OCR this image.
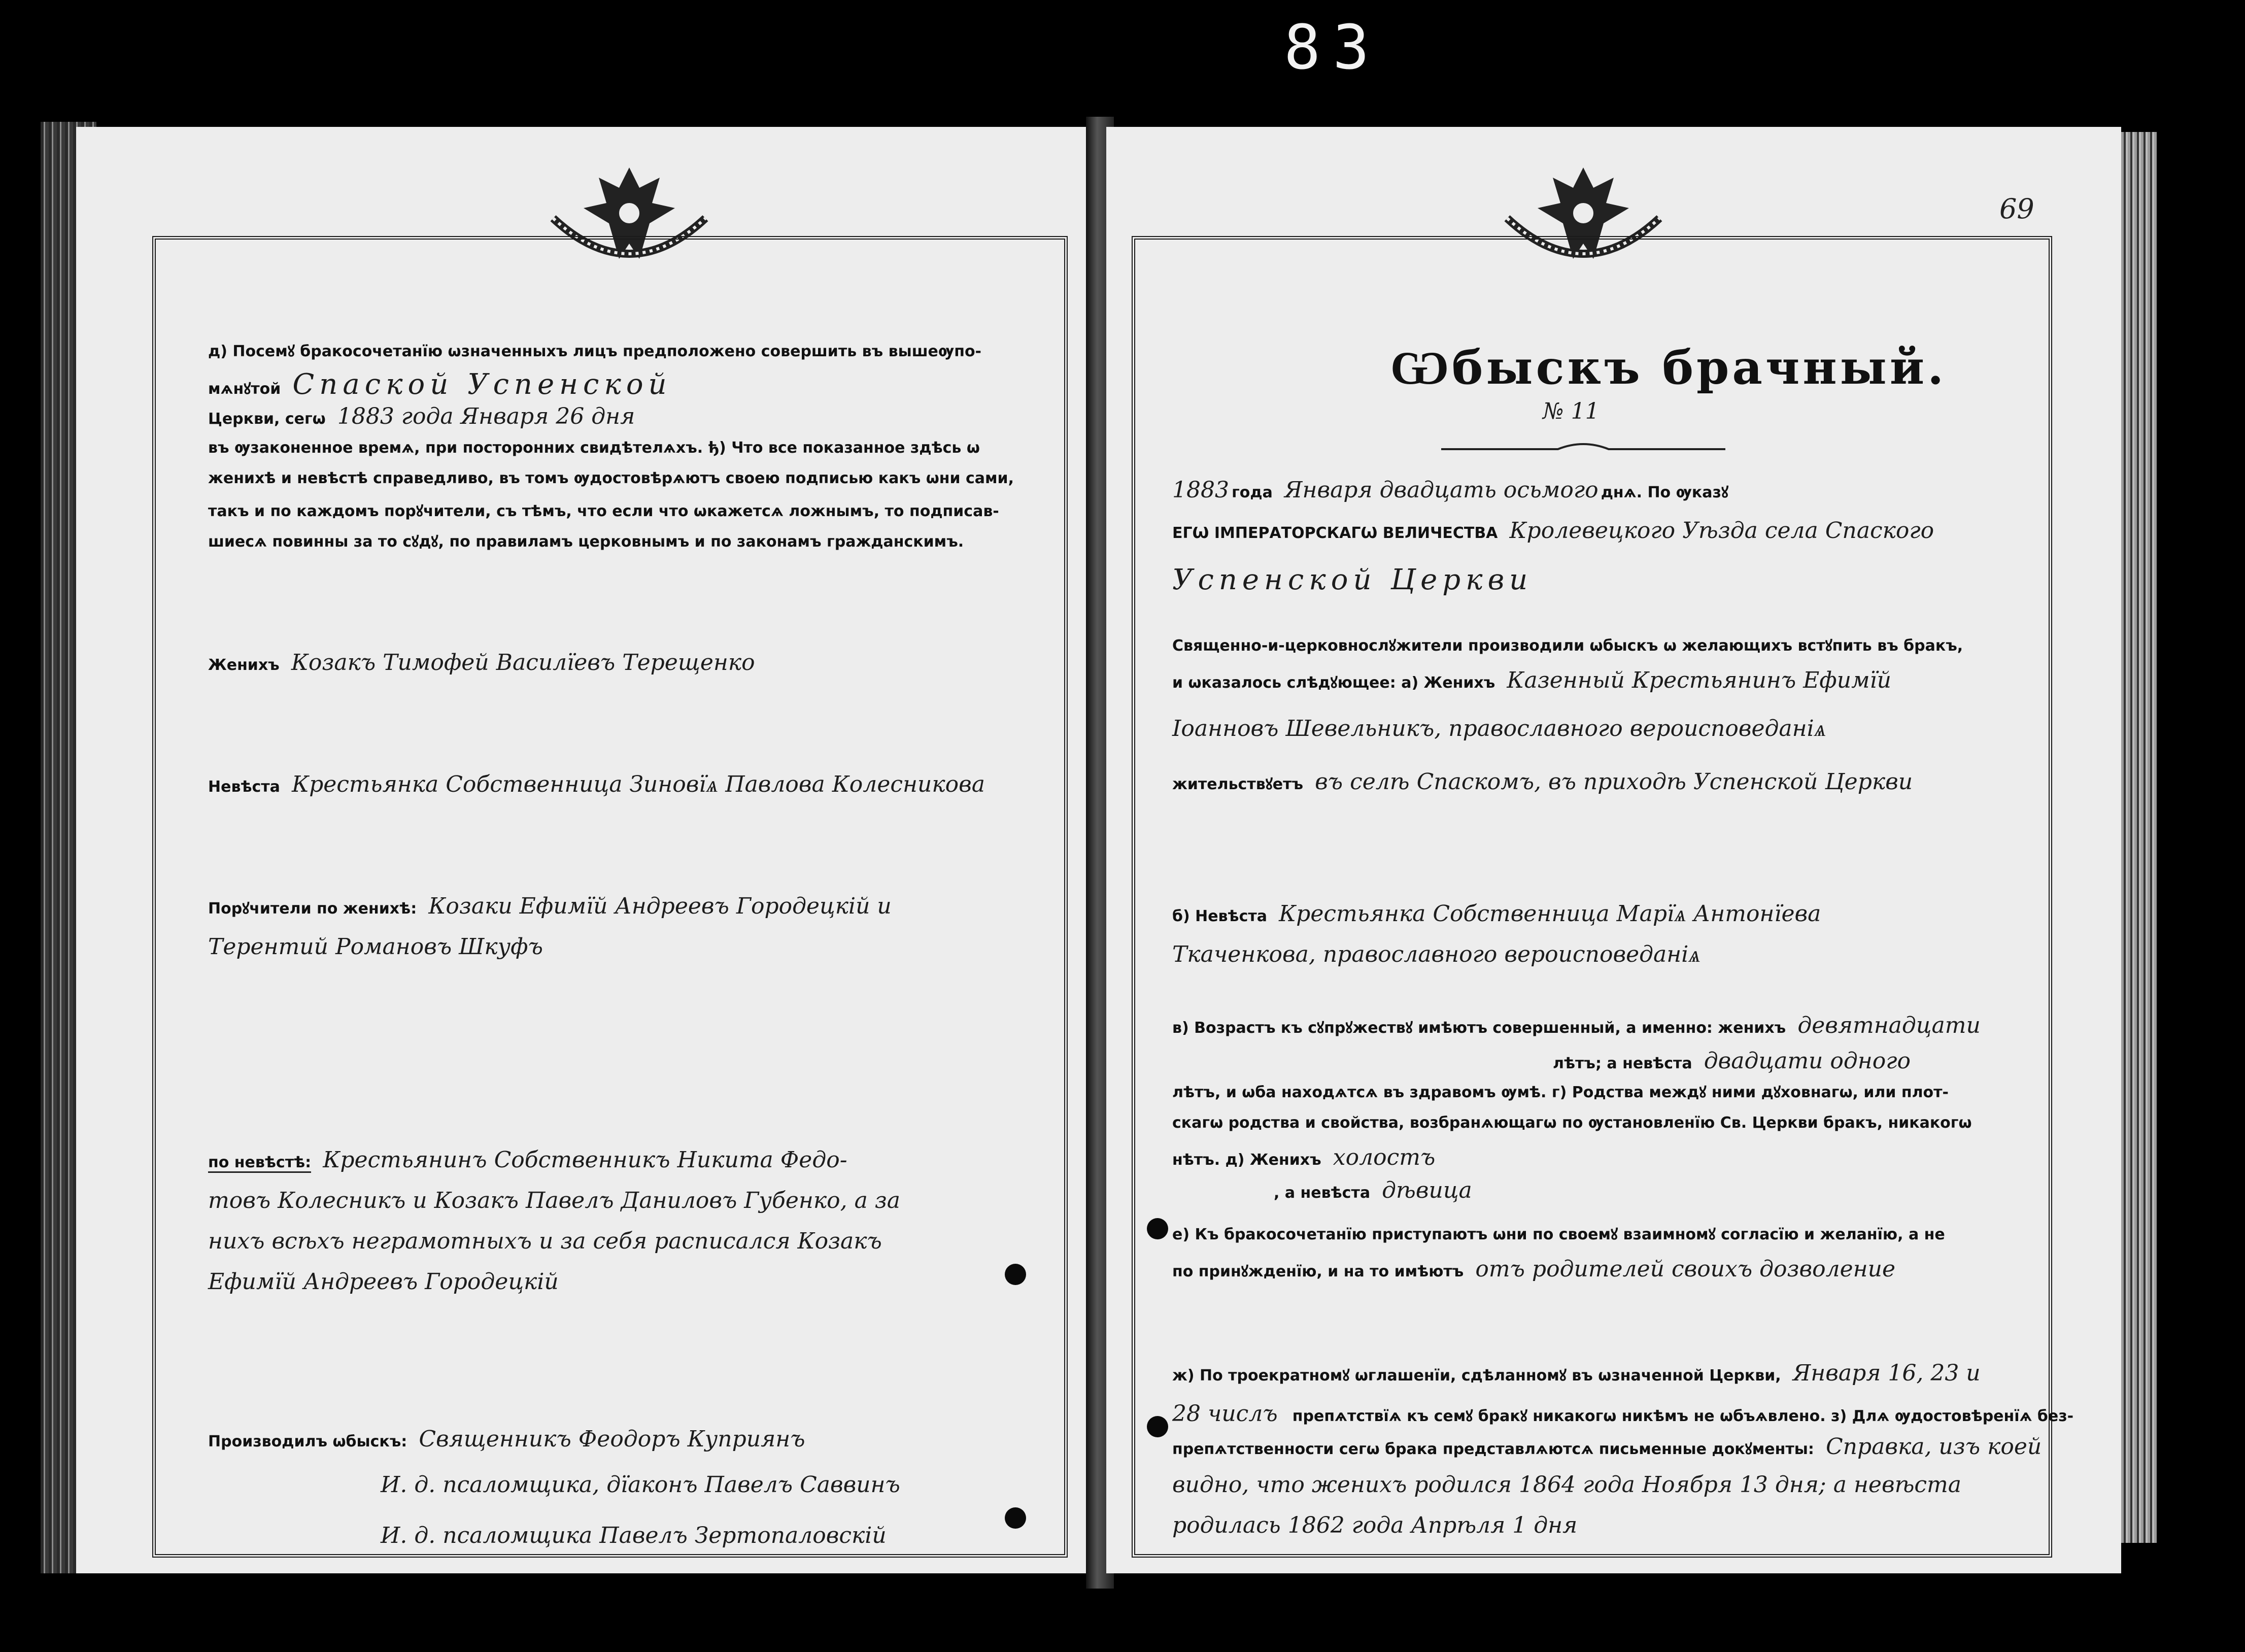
83
д) Посемꙋ бракосочетанїю ѡзначенныхъ лицъ предположено совершить въ вышеѹпо-
мѧнꙋтой Спаской Успенской
Церкви, сегѡ 1883 года Января 26 дня
въ ѹзаконенное времѧ, при посторонних свидѣтелѧхъ. ђ) Что все показанное здѣсь ѡ
женихѣ и невѣстѣ справедливо, въ томъ ѹдостовѣрѧютъ своею подписью какъ ѡни сами,
такъ и по каждомъ порꙋчители, съ тѣмъ, что если что ѡкажетсѧ ложнымъ, то подписав-
шиесѧ повинны за то сꙋдꙋ, по правиламъ церковнымъ и по законамъ гражданскимъ.
Женихъ Козакъ Тимофей Василїевъ Терещенко
Невѣста Крестьянка Собственница Зиновїѧ Павлова Колесникова
Порꙋчители по женихѣ: Козаки Ефимїй Андреевъ Городецкій и
Терентий Романовъ Шкуфъ
по невѣстѣ: Крестьянинъ Собственникъ Никита Федо-
товъ Колесникъ и Козакъ Павелъ Даниловъ Губенко, а за
нихъ всѣхъ неграмотныхъ и за себя расписался Козакъ
Ефимїй Андреевъ Городецкій
Производилъ ѡбыскъ: Священникъ Феодоръ Куприянъ
И. д. псаломщика, дїаконъ Павелъ Саввинъ
И. д. псаломщика Павелъ Зертопаловскій
69
Ѡбыскъ брачный.
№ 11
1883 года Января двадцать осьмого днѧ. По ѹказꙋ
ЕГѠ ІМПЕРАТОРСКАГѠ ВЕЛИЧЕСТВА Кролевецкого Уѣзда села Спаского
Успенской Церкви
Священно-и-церковнослꙋжители производили ѡбыскъ ѡ желающихъ встꙋпить въ бракъ,
и ѡказалось слѣдꙋющее: а) Женихъ Казенный Крестьянинъ Ефимїй
Іоанновъ Шевельникъ, православного вероисповеданiѧ
жительствꙋетъ въ селѣ Спаскомъ, въ приходѣ Успенской Церкви
б) Невѣста Крестьянка Собственница Марїѧ Антонїева
Ткаченкова, православного вероисповеданiѧ
в) Возрастъ къ сꙋпрꙋжествꙋ имѣютъ совершенный, а именно: женихъ девятнадцати
лѣтъ; а невѣста двадцати одного
лѣтъ, и ѡба находѧтсѧ въ здравомъ ѹмѣ. г) Родства междꙋ ними дꙋховнагѡ, или плот-
скагѡ родства и свойства, возбранѧющагѡ по ѹстановленїю Св. Церкви бракъ, никакогѡ
нѣтъ. д) Женихъ холостъ
, а невѣста дѣвица
е) Къ бракосочетанїю приступаютъ ѡни по своемꙋ взаимномꙋ согласїю и желанїю, а не
по принꙋжденїю, и на то имѣютъ отъ родителей своихъ дозволение
ж) По троекратномꙋ ѡглашенїи, сдѣланномꙋ въ ѡзначенной Церкви, Января 16, 23 и
28 числъ препѧтствїѧ къ семꙋ бракꙋ никакогѡ никѣмъ не ѡбъѧвлено. з) Длѧ ѹдостовѣренїѧ без-
препѧтственности сегѡ брака представлѧютсѧ письменные докꙋменты: Справка, изъ коей
видно, что женихъ родился 1864 года Ноября 13 дня; а невѣста
родилась 1862 года Апрѣля 1 дня
